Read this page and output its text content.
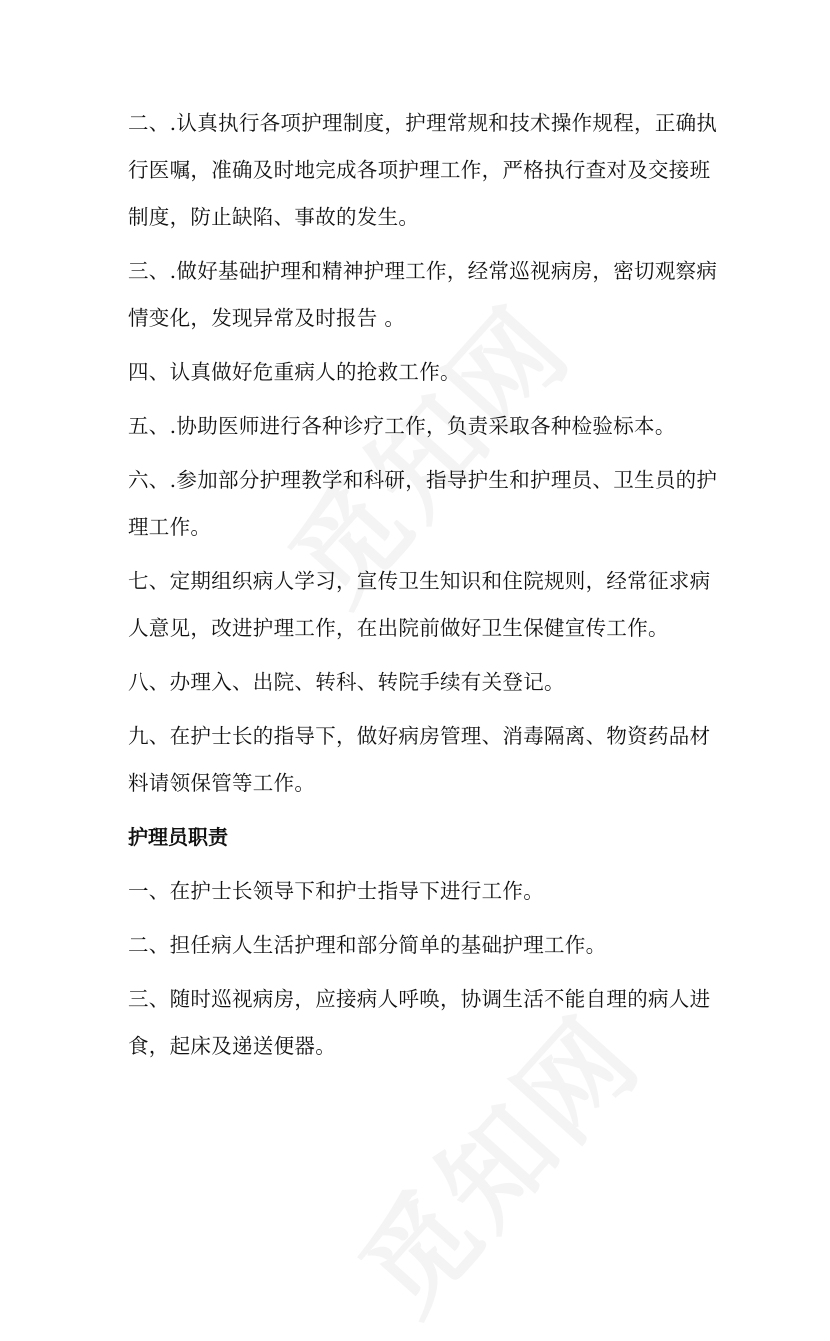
二、.认真执行各项护理制度，护理常规和技术操作规程，正确执行医嘱，准确及时地完成各项护理工作，严格执行查对及交接班制度，防止缺陷、事故的发生。

三、.做好基础护理和精神护理工作，经常巡视病房，密切观察病情变化，发现异常及时报告 。

四、认真做好危重病人的抢救工作。

五、.协助医师进行各种诊疗工作，负责采取各种检验标本。

六、.参加部分护理教学和科研，指导护生和护理员、卫生员的护理工作。

七、定期组织病人学习，宣传卫生知识和住院规则，经常征求病人意见，改进护理工作，在出院前做好卫生保健宣传工作。

八、办理入、出院、转科、转院手续有关登记。

九、在护士长的指导下，做好病房管理、消毒隔离、物资药品材料请领保管等工作。

护理员职责

一、在护士长领导下和护士指导下进行工作。

二、担任病人生活护理和部分简单的基础护理工作。

三、随时巡视病房，应接病人呼唤，协调生活不能自理的病人进食，起床及递送便器。
